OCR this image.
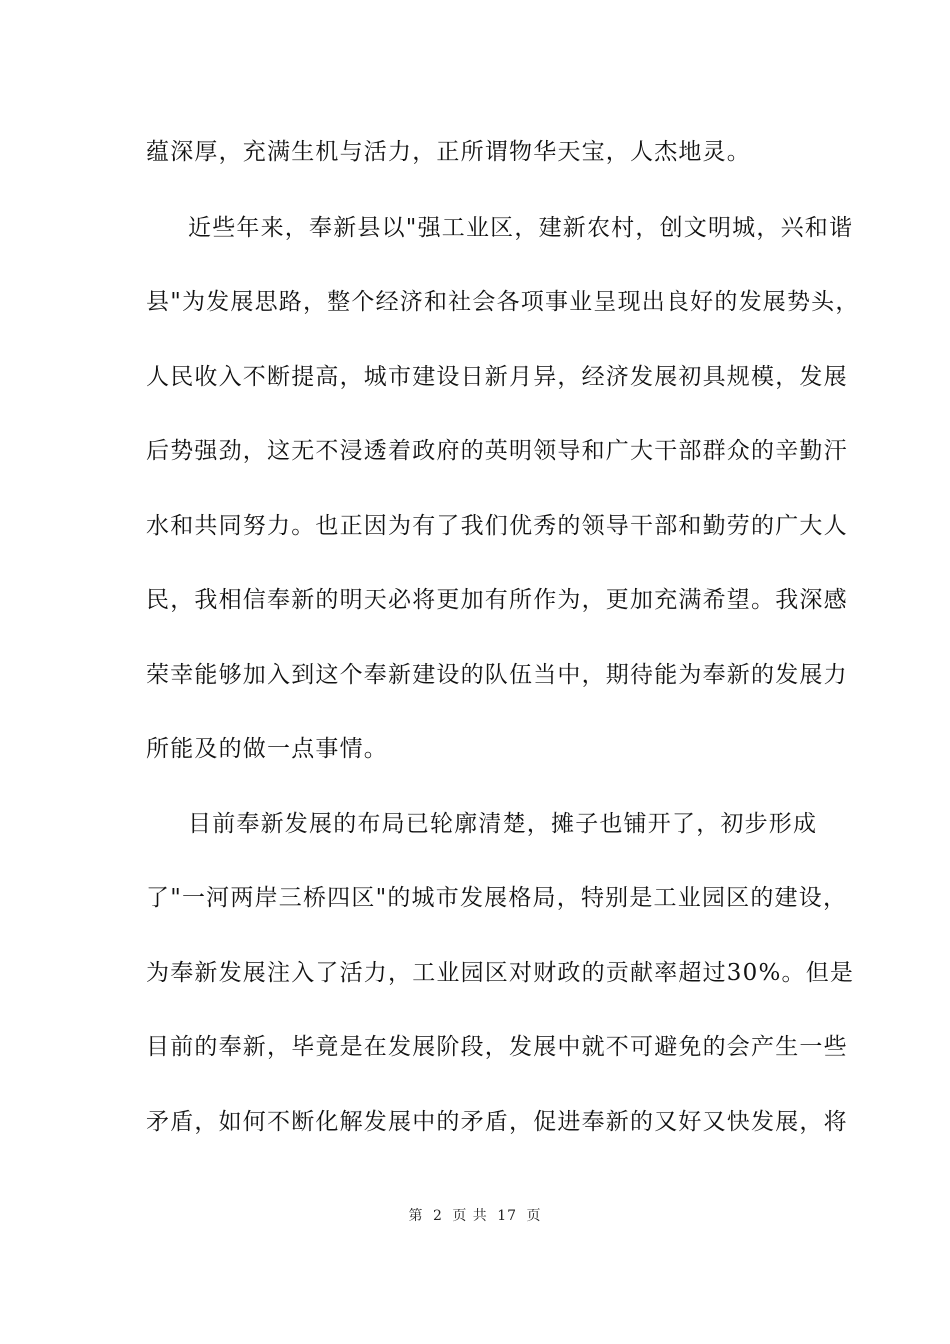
蕴深厚，充满生机与活力，正所谓物华天宝，人杰地灵。
近些年来，奉新县以"强工业区，建新农村，创文明城，兴和谐
县"为发展思路，整个经济和社会各项事业呈现出良好的发展势头，
人民收入不断提高，城市建设日新月异，经济发展初具规模，发展
后势强劲，这无不浸透着政府的英明领导和广大干部群众的辛勤汗
水和共同努力。也正因为有了我们优秀的领导干部和勤劳的广大人
民，我相信奉新的明天必将更加有所作为，更加充满希望。我深感
荣幸能够加入到这个奉新建设的队伍当中，期待能为奉新的发展力
所能及的做一点事情。
目前奉新发展的布局已轮廓清楚，摊子也铺开了，初步形成
了"一河两岸三桥四区"的城市发展格局，特别是工业园区的建设，
为奉新发展注入了活力，工业园区对财政的贡献率超过30%。但是
目前的奉新，毕竟是在发展阶段，发展中就不可避免的会产生一些
矛盾，如何不断化解发展中的矛盾，促进奉新的又好又快发展，将
第 2 页 共 17 页
